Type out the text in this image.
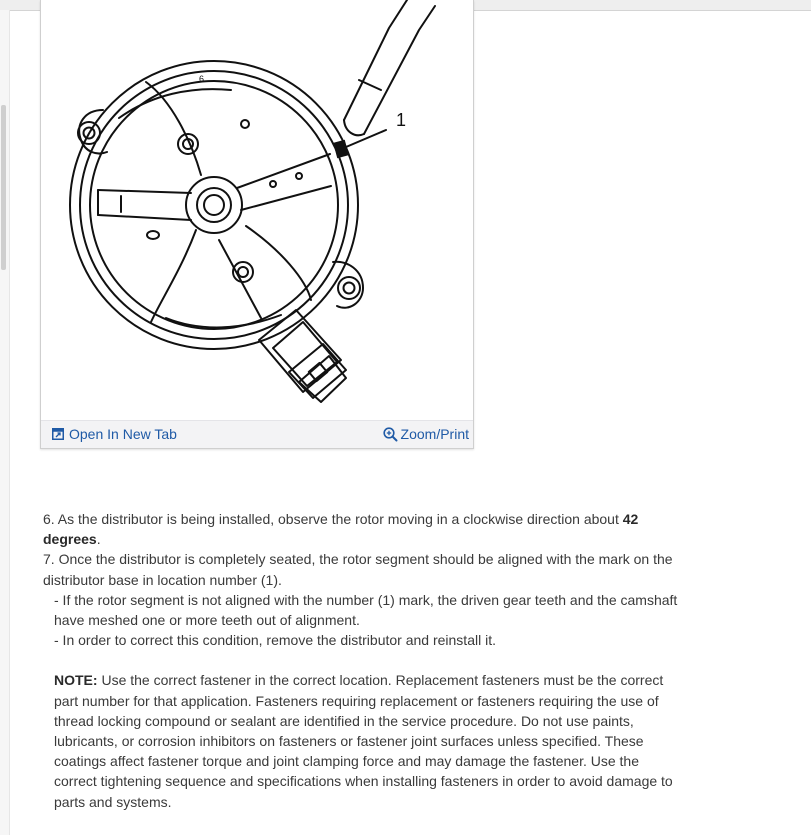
1
6
Open In New Tab	Zoom/Print

6. As the distributor is being installed, observe the rotor moving in a clockwise direction about 42 degrees.

7. Once the distributor is completely seated, the rotor segment should be aligned with the mark on the distributor base in location number (1).

- If the rotor segment is not aligned with the number (1) mark, the driven gear teeth and the camshaft have meshed one or more teeth out of alignment.

- In order to correct this condition, remove the distributor and reinstall it.

NOTE: Use the correct fastener in the correct location. Replacement fasteners must be the correct part number for that application. Fasteners requiring replacement or fasteners requiring the use of thread locking compound or sealant are identified in the service procedure. Do not use paints, lubricants, or corrosion inhibitors on fasteners or fastener joint surfaces unless specified. These coatings affect fastener torque and joint clamping force and may damage the fastener. Use the correct tightening sequence and specifications when installing fasteners in order to avoid damage to parts and systems.
